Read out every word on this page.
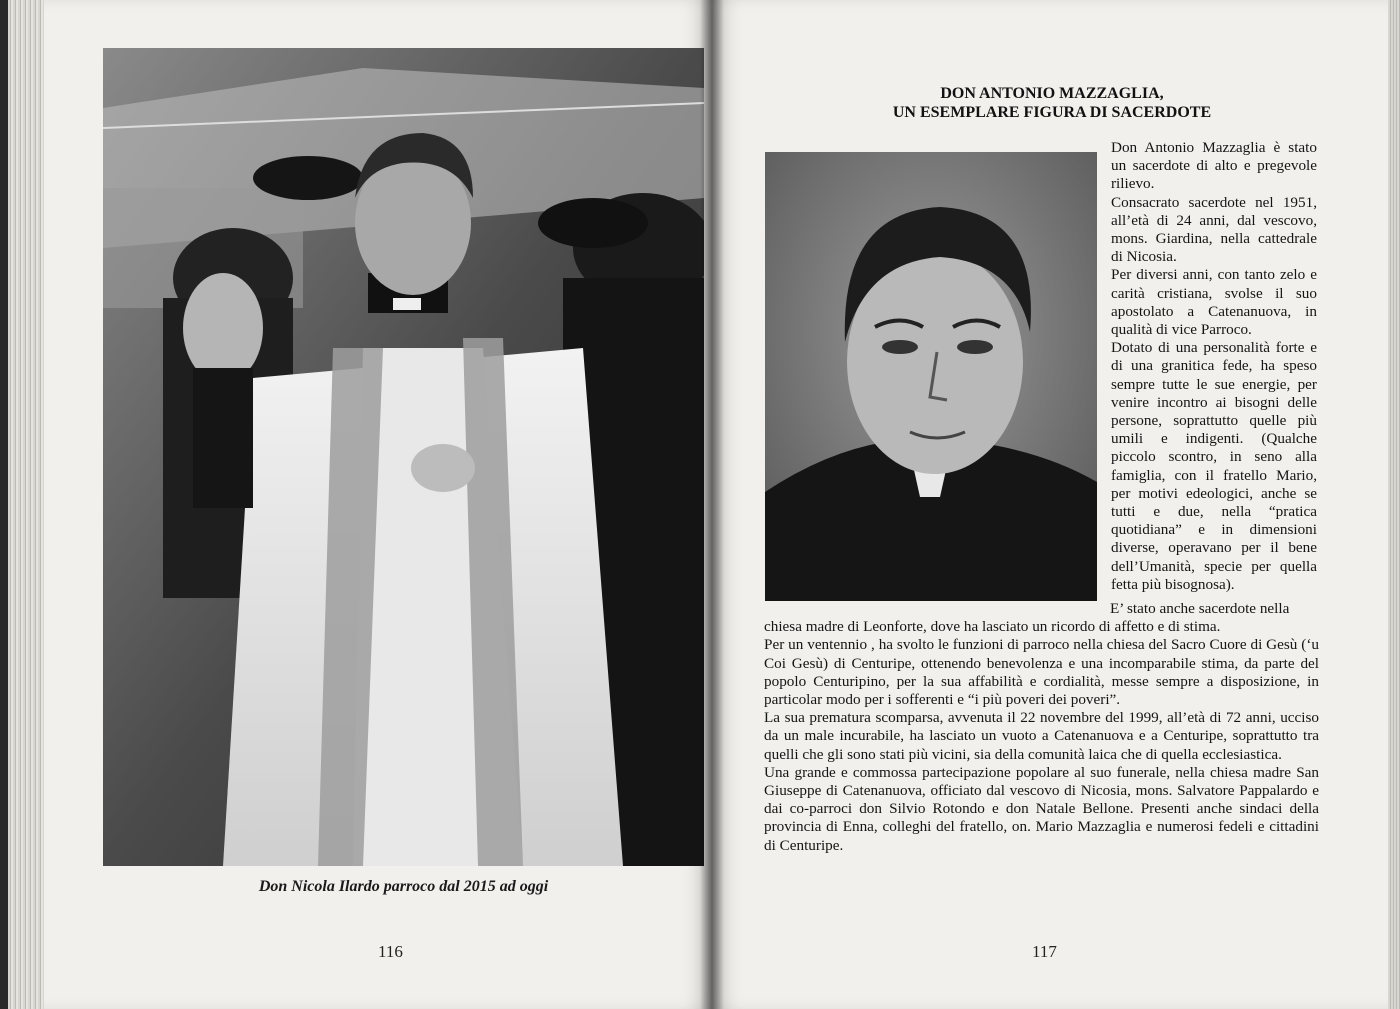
Don Nicola Ilardo parroco dal 2015 ad oggi
116
DON ANTONIO MAZZAGLIA,
UN ESEMPLARE FIGURA DI SACERDOTE

Don Antonio Mazzaglia è stato un sacerdote di alto e pregevole rilievo.

Consacrato sacerdote nel 1951, all’età di 24 anni, dal vescovo, mons. Giardina, nella cattedrale di Nicosia.

Per diversi anni, con tanto zelo e carità cristiana, svolse il suo apostolato a Catenanuova, in qualità di vice Parroco.

Dotato di una personalità forte e di una granitica fede, ha speso sempre tutte le sue energie, per venire incontro ai bisogni delle persone, soprattutto quelle più umili e indigenti. (Qualche piccolo scontro, in seno alla famiglia, con il fratello Mario, per motivi edeologici, anche se tutti e due, nella “pratica quotidiana” e in dimensioni diverse, operavano per il bene dell’Umanità, specie per quella fetta più bisognosa).

E’ stato anche sacerdote nella

chiesa madre di Leonforte, dove ha lasciato un ricordo di affetto e di stima.

Per un ventennio , ha svolto le funzioni di parroco nella chiesa del Sacro Cuore di Gesù (‘u Coi Gesù) di Centuripe, ottenendo benevolenza e una incomparabile stima, da parte del popolo Centuripino, per la sua affabilità e cordialità, messe sempre a disposizione, in particolar modo per i sofferenti e “i più poveri dei poveri”.

La sua prematura scomparsa, avvenuta il 22 novembre del 1999, all’età di 72 anni, ucciso da un male incurabile, ha lasciato un vuoto a Catenanuova e a Centuripe, soprattutto tra quelli che gli sono stati più vicini, sia della comunità laica che di quella ecclesiastica.

Una grande e commossa partecipazione popolare al suo funerale, nella chiesa madre San Giuseppe di Catenanuova, officiato dal vescovo di Nicosia, mons. Salvatore Pappalardo e dai co-parroci don Silvio Rotondo e don Natale Bellone. Presenti anche sindaci della provincia di Enna, colleghi del fratello, on. Mario Mazzaglia e numerosi fedeli e cittadini di Centuripe.

117
